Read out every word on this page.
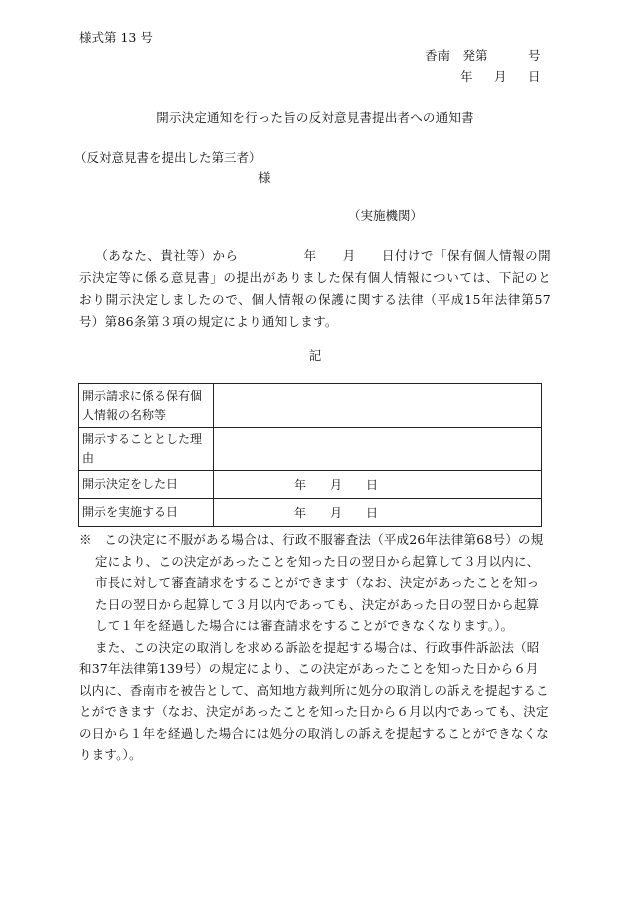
様式第 13 号
香南　発第	号
年 月 日
開示決定通知を行った旨の反対意見書提出者への通知書
（反対意見書を提出した第三者）
様
（実施機関）
（あなた、貴社等）から　　　　　年　　月　　日付けで「保有個人情報の開示決定等に係る意見書」の提出がありました保有個人情報については、下記のとおり開示決定しましたので、個人情報の保護に関する法律（平成15年法律第57号）第86条第３項の規定により通知します。
記
開示請求に係る保有個人情報の名称等	
開示することとした理由	
開示決定をした日	年 月 日
開示を実施する日	年 月 日

※　この決定に不服がある場合は、行政不服審査法（平成26年法律第68号）の規定により、この決定があったことを知った日の翌日から起算して３月以内に、市長に対して審査請求をすることができます（なお、決定があったことを知った日の翌日から起算して３月以内であっても、決定があった日の翌日から起算して１年を経過した場合には審査請求をすることができなくなります。）。

また、この決定の取消しを求める訴訟を提起する場合は、行政事件訴訟法（昭和37年法律第139号）の規定により、この決定があったことを知った日から６月以内に、香南市を被告として、高知地方裁判所に処分の取消しの訴えを提起することができます（なお、決定があったことを知った日から６月以内であっても、決定の日から１年を経過した場合には処分の取消しの訴えを提起することができなくなります。）。
